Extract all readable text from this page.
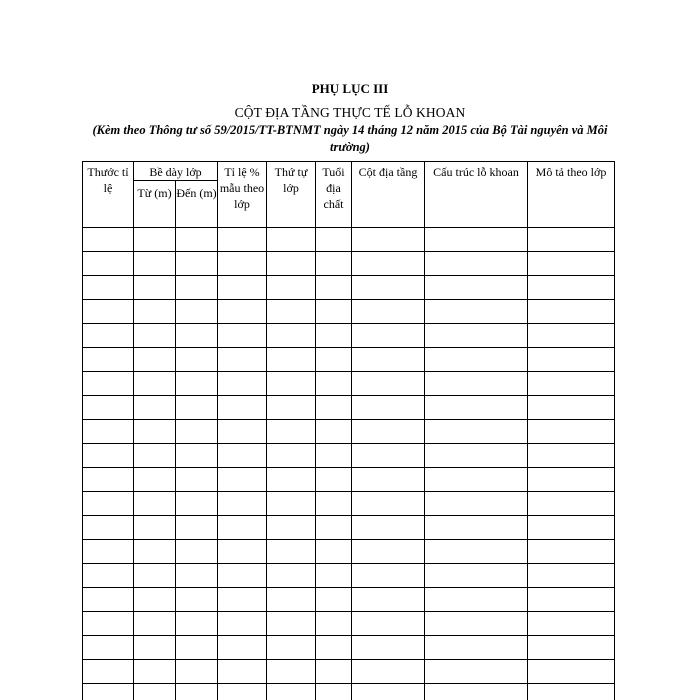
PHỤ LỤC III
CỘT ĐỊA TẦNG THỰC TẾ LỖ KHOAN
(Kèm theo Thông tư số 59/2015/TT-BTNMT ngày 14 tháng 12 năm 2015 của Bộ Tài nguyên và Môi trường)
Thước tỉ lệ	Bề dày lớp		Tỉ lệ % mẫu theo lớp	Thứ tự lớp	Tuổi địa chất	Cột địa tầng	Cấu trúc lỗ khoan	Mô tả theo lớp
	Từ (m)	Đến (m)						
